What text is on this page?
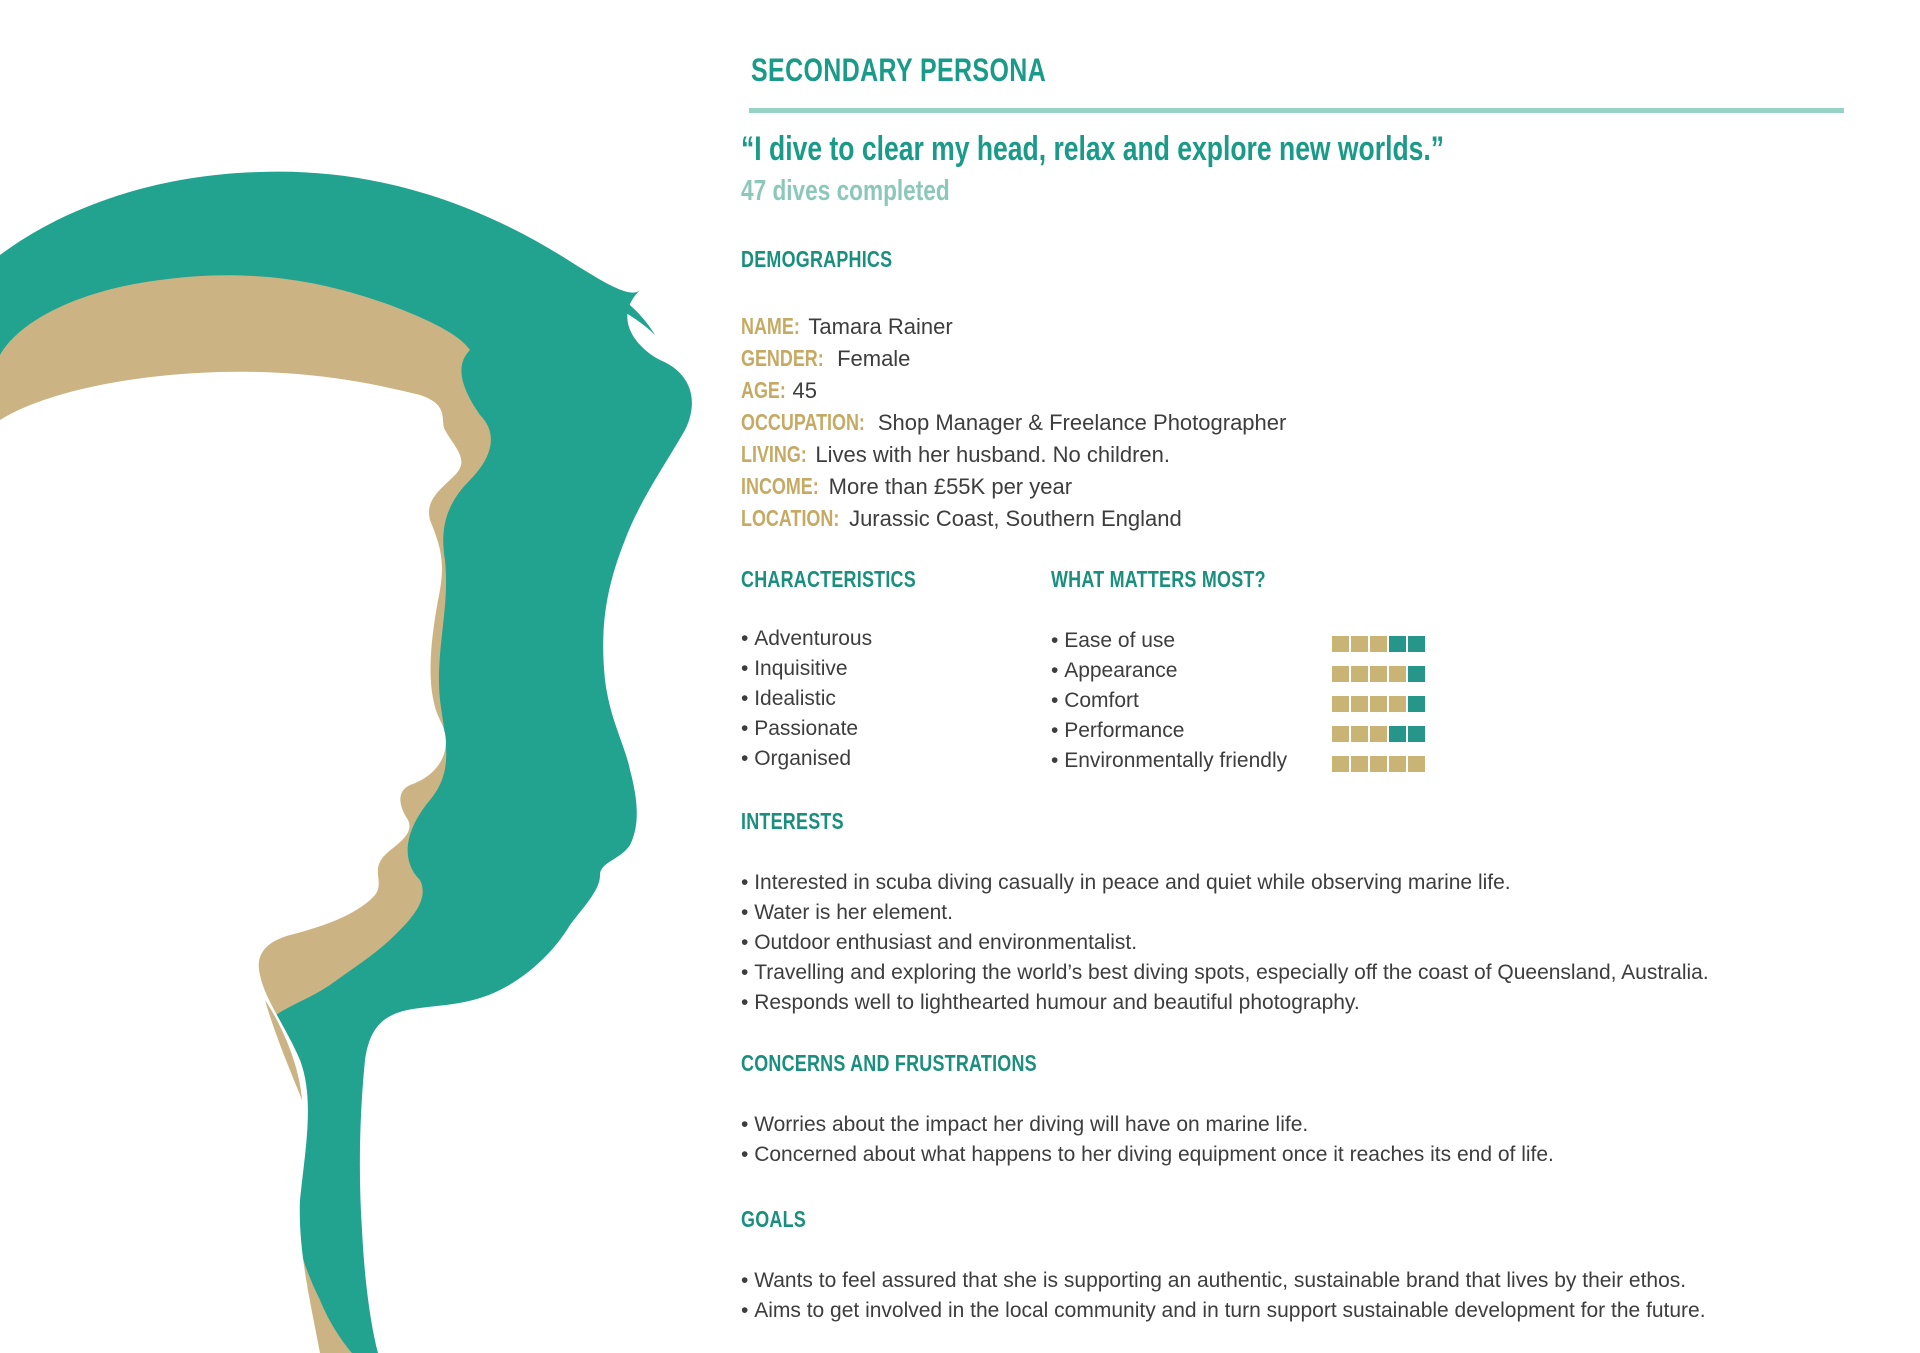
SECONDARY PERSONA
“I dive to clear my head, relax and explore new worlds.”
47 dives completed
DEMOGRAPHICS
NAME: Tamara Rainer
GENDER: Female
AGE: 45
OCCUPATION: Shop Manager & Freelance Photographer
LIVING: Lives with her husband. No children.
INCOME: More than £55K per year
LOCATION: Jurassic Coast, Southern England
CHARACTERISTICS
• Adventurous
• Inquisitive
• Idealistic
• Passionate
• Organised
WHAT MATTERS MOST?
• Ease of use
• Appearance
• Comfort
• Performance
• Environmentally friendly
INTERESTS
• Interested in scuba diving casually in peace and quiet while observing marine life.
• Water is her element.
• Outdoor enthusiast and environmentalist.
• Travelling and exploring the world’s best diving spots, especially off the coast of Queensland, Australia.
• Responds well to lighthearted humour and beautiful photography.
CONCERNS AND FRUSTRATIONS
• Worries about the impact her diving will have on marine life.
• Concerned about what happens to her diving equipment once it reaches its end of life.
GOALS
• Wants to feel assured that she is supporting an authentic, sustainable brand that lives by their ethos.
• Aims to get involved in the local community and in turn support sustainable development for the future.
